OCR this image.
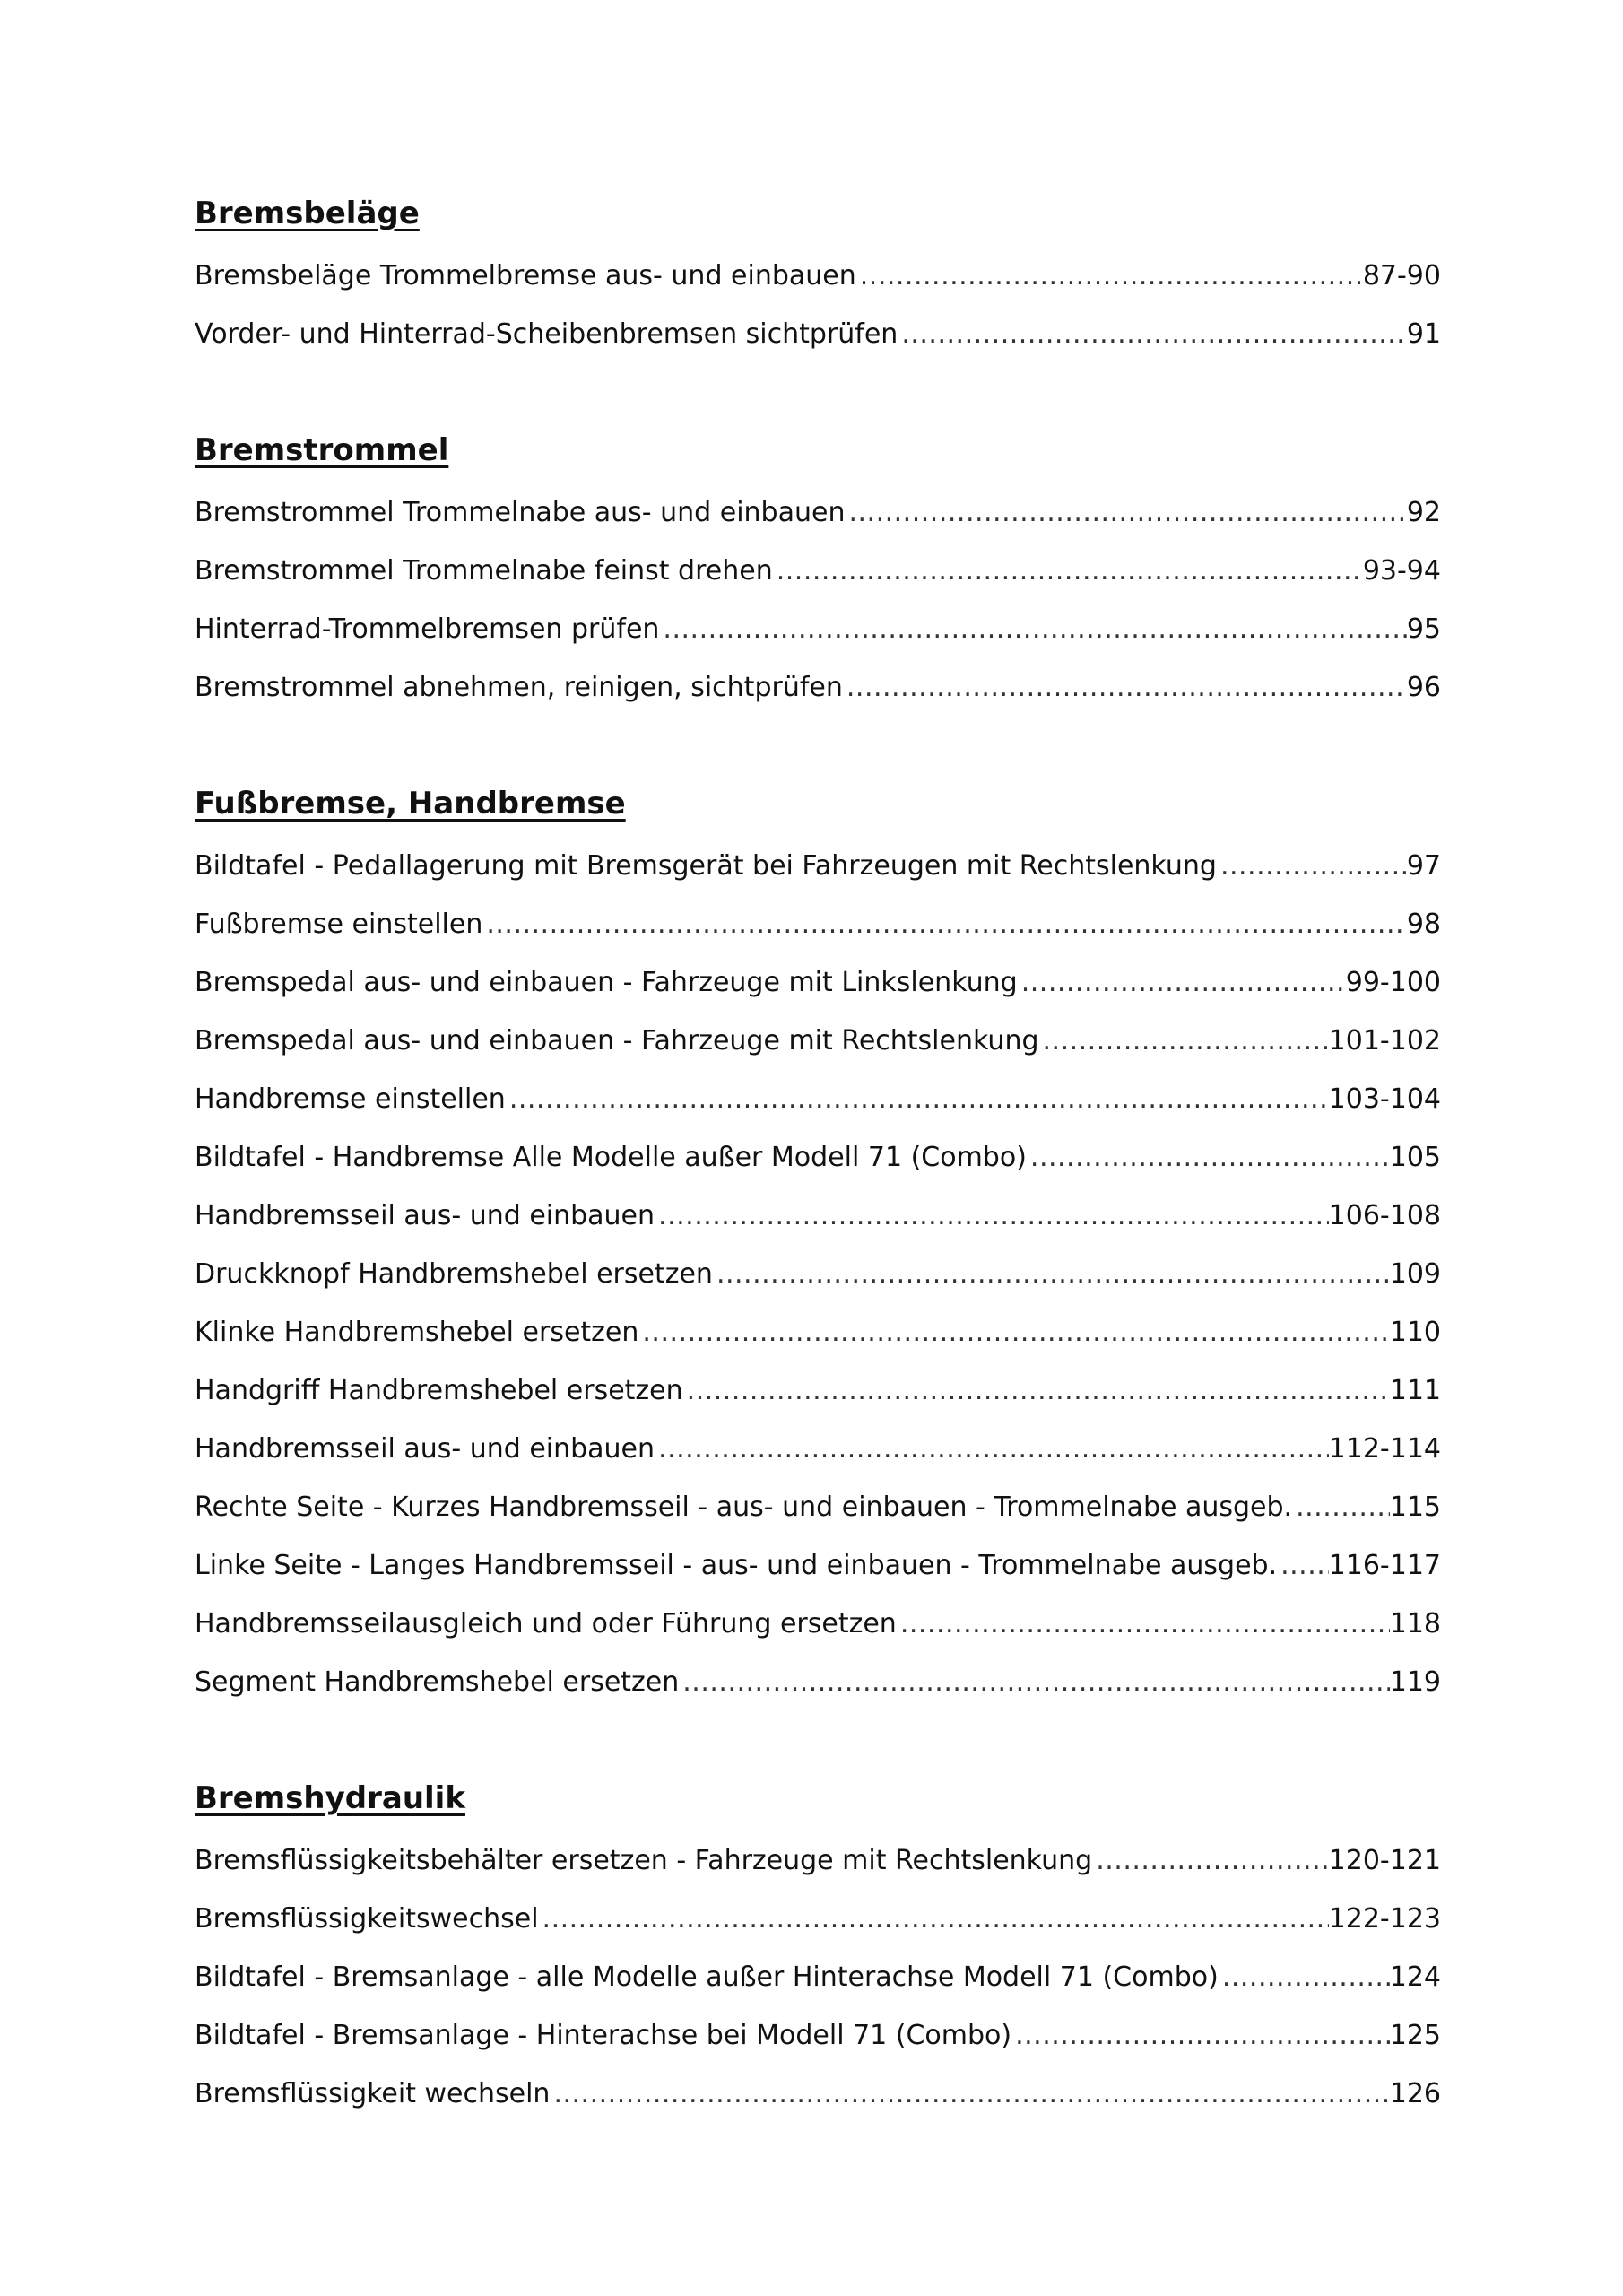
Bremsbeläge
Bremsbeläge Trommelbremse aus- und einbauen .....	87-90
Vorder- und Hinterrad-Scheibenbremsen sichtprüfen .....	91
Bremstrommel
Bremstrommel Trommelnabe aus- und einbauen .....	92
Bremstrommel Trommelnabe feinst drehen .....	93-94
Hinterrad-Trommelbremsen prüfen .....	95
Bremstrommel abnehmen, reinigen, sichtprüfen .....	96
Fußbremse, Handbremse
Bildtafel - Pedallagerung mit Bremsgerät bei Fahrzeugen mit Rechtslenkung .....	97
Fußbremse einstellen .....	98
Bremspedal aus- und einbauen - Fahrzeuge mit Linkslenkung .....	99-100
Bremspedal aus- und einbauen - Fahrzeuge mit Rechtslenkung .....	101-102
Handbremse einstellen .....	103-104
Bildtafel - Handbremse Alle Modelle außer Modell 71 (Combo) .....	105
Handbremsseil aus- und einbauen .....	106-108
Druckknopf Handbremshebel ersetzen .....	109
Klinke Handbremshebel ersetzen .....	110
Handgriff Handbremshebel ersetzen .....	111
Handbremsseil aus- und einbauen .....	112-114
Rechte Seite - Kurzes Handbremsseil - aus- und einbauen - Trommelnabe ausgeb. .....	115
Linke Seite - Langes Handbremsseil - aus- und einbauen - Trommelnabe ausgeb. ..... 116-117
Handbremsseilausgleich und oder Führung ersetzen .....	118
Segment Handbremshebel ersetzen .....	119
Bremshydraulik
Bremsflüssigkeitsbehälter ersetzen - Fahrzeuge mit Rechtslenkung .....	120-121
Bremsflüssigkeitswechsel .....	122-123
Bildtafel - Bremsanlage - alle Modelle außer Hinterachse Modell 71 (Combo) .....	124
Bildtafel - Bremsanlage - Hinterachse bei Modell 71 (Combo) .....	125
Bremsflüssigkeit wechseln .....	126
